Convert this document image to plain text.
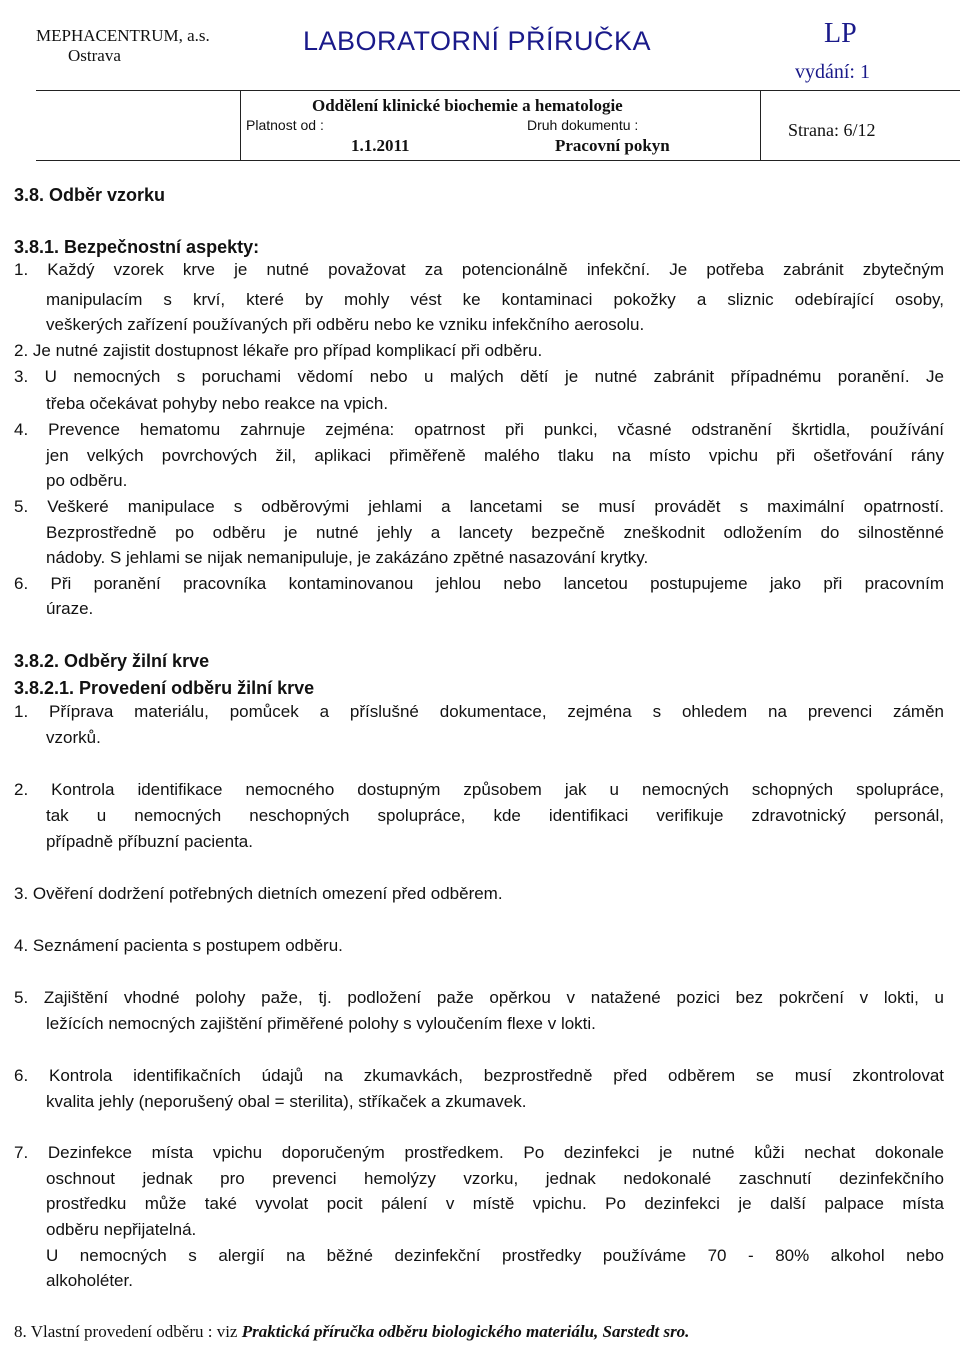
MEPHACENTRUM, a.s.
Ostrava	LABORATORNÍ PŘÍRUČKA	LP
vydání: 1
Oddělení klinické biochemie a hematologie
Platnost od :
1.1.2011
Druh dokumentu :
Pracovní pokyn
Strana: 6/12
3.8. Odběr vzorku
3.8.1. Bezpečnostní aspekty:
1. Každý vzorek krve je nutné považovat za potencionálně infekční. Je potřeba zabránit zbytečným
manipulacím s krví, které by mohly vést ke kontaminaci pokožky a sliznic odebírající osoby,
veškerých zařízení používaných při odběru nebo ke vzniku infekčního aerosolu.
2. Je nutné zajistit dostupnost lékaře pro případ komplikací při odběru.
3. U nemocných s poruchami vědomí nebo u malých dětí je nutné zabránit případnému poranění. Je
třeba očekávat pohyby nebo reakce na vpich.
4. Prevence hematomu zahrnuje zejména: opatrnost při punkci, včasné odstranění škrtidla, používání
jen velkých povrchových žil, aplikaci přiměřeně malého tlaku na místo vpichu při ošetřování rány
po odběru.
5. Veškeré manipulace s odběrovými jehlami a lancetami se musí provádět s maximální opatrností.
Bezprostředně po odběru je nutné jehly a lancety bezpečně zneškodnit odložením do silnostěnné
nádoby. S jehlami se nijak nemanipuluje, je zakázáno zpětné nasazování krytky.
6. Při poranění pracovníka kontaminovanou jehlou nebo lancetou postupujeme jako při pracovním
úraze.
3.8.2. Odběry žilní krve
3.8.2.1. Provedení odběru žilní krve
1. Příprava materiálu, pomůcek a příslušné dokumentace, zejména s ohledem na prevenci záměn
vzorků.
2. Kontrola identifikace nemocného dostupným způsobem jak u nemocných schopných spolupráce,
tak u nemocných neschopných spolupráce, kde identifikaci verifikuje zdravotnický personál,
případně příbuzní pacienta.
3. Ověření dodržení potřebných dietních omezení před odběrem.
4. Seznámení pacienta s postupem odběru.
5. Zajištění vhodné polohy paže, tj. podložení paže opěrkou v natažené pozici bez pokrčení v lokti, u
ležících nemocných zajištění přiměřené polohy s vyloučením flexe v lokti.
6. Kontrola identifikačních údajů na zkumavkách, bezprostředně před odběrem se musí zkontrolovat
kvalita jehly (neporušený obal = sterilita), stříkaček a zkumavek.
7. Dezinfekce místa vpichu doporučeným prostředkem. Po dezinfekci je nutné kůži nechat dokonale
oschnout jednak pro prevenci hemolýzy vzorku, jednak nedokonalé zaschnutí dezinfekčního
prostředku může také vyvolat pocit pálení v místě vpichu. Po dezinfekci je další palpace místa
odběru nepřijatelná.
U nemocných s alergií na běžné dezinfekční prostředky používáme 70 - 80% alkohol nebo
alkoholéter.
8. Vlastní provedení odběru : viz Praktická příručka odběru biologického materiálu, Sarstedt sro.
